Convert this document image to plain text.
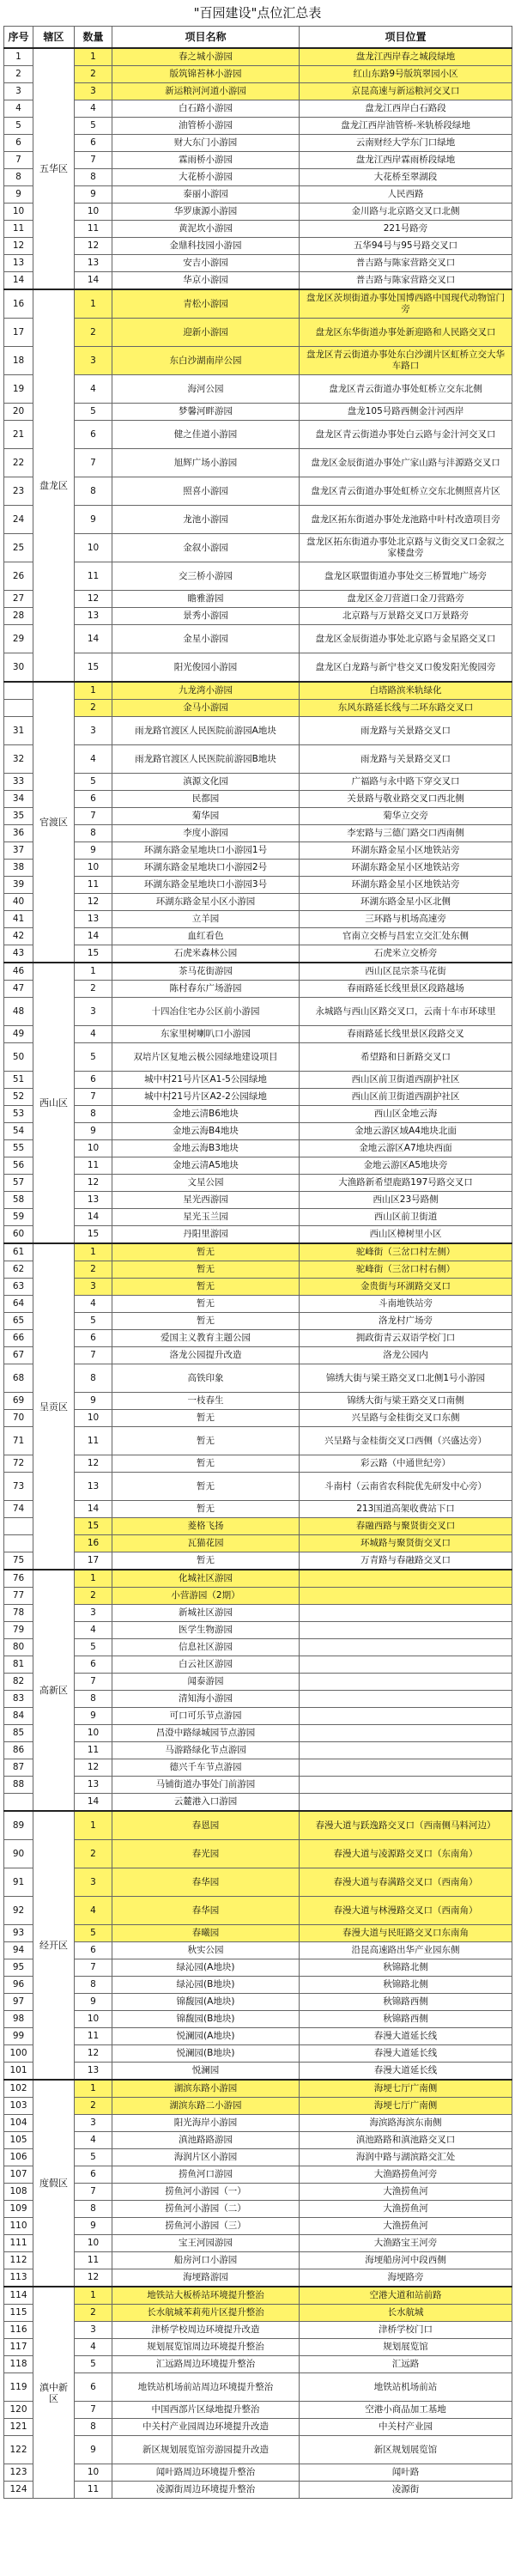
"百园建设"点位汇总表
序号	辖区	数量	项目名称	项目位置
1	五华区	1	春之城小游园	盘龙江西岸春之城段绿地
2		2	版筑锦苔林小游园	红山东路9号版筑翠园小区
3		3	新运粮河河道小游园	京昆高速与新运粮河交叉口
4		4	白石路小游园	盘龙江西岸白石路段
5		5	油管桥小游园	盘龙江西岸油管桥-米轨桥段绿地
6		6	财大东门小游园	云南财经大学东门口绿地
7		7	霖雨桥小游园	盘龙江西岸霖雨桥段绿地
8		8	大花桥小游园	大花桥至翠湖段
9		9	泰丽小游园	人民西路
10		10	华罗康源小游园	金川路与北京路交叉口北侧
11		11	黄泥坎小游园	221号路旁
12		12	金鼎科技园小游园	五华94号与95号路交叉口
13		13	安吉小游园	普吉路与陈家营路交叉口
14		14	华京小游园	普吉路与陈家营路交叉口
16	盘龙区	1	青松小游园	盘龙区茨坝街道办事处国博西路中国现代动物馆门旁
17		2	迎新小游园	盘龙区东华街道办事处新迎路和人民路交叉口
18		3	东白沙湖南岸公园	盘龙区青云街道办事处东白沙湖片区虹桥立交大华车路口
19		4	海河公园	盘龙区青云街道办事处虹桥立交东北侧
20		5	梦馨河畔游园	盘龙105号路西侧金汁河西岸
21		6	健之佳道小游园	盘龙区青云街道办事处白云路与金汁河交叉口
22		7	旭辉广场小游园	盘龙区金辰街道办事处广家山路与沣源路交叉口
23		8	照喜小游园	盘龙区青云街道办事处虹桥立交东北侧照喜片区
24		9	龙池小游园	盘龙区拓东街道办事处龙池路中叶村改造项目旁
25		10	金叙小游园	盘龙区拓东街道办事处北京路与义街交叉口金叙之家楼盘旁
26		11	交三桥小游园	盘龙区联盟街道办事处交三桥置地广场旁
27		12	瞻雅游园	盘龙区金刀营道口金刀营路旁
28		13	景秀小游园	北京路与万景路交叉口万景路旁
29		14	金星小游园	盘龙区金辰街道办事处北京路与金星路交叉口
30		15	阳光俊园小游园	盘龙区白龙路与新宁巷交叉口俊发阳光俊园旁
	官渡区	1	九龙湾小游园	白塔路滨米轨绿化
		2	金马小游园	东风东路延长线与二环东路交叉口
31		3	雨龙路官渡区人民医院前游园A地块	雨龙路与关景路交叉口
32		4	雨龙路官渡区人民医院前游园B地块	雨龙路与关景路交叉口
33		5	滇源文化园	广福路与永中路下穿交叉口
34		6	民都园	关景路与敬业路交叉口西北侧
35		7	菊华园	菊华立交旁
36		8	李度小游园	李宏路与三德门路交口西南侧
37		9	环湖东路金星地块口小游园1号	环湖东路金星小区地铁站旁
38		10	环湖东路金星地块口小游园2号	环湖东路金星小区地铁站旁
39		11	环湖东路金星地块口小游园3号	环湖东路金星小区地铁站旁
40		12	环湖东路金星小区小游园	环湖东路金星小区北侧
41		13	立羊园	三环路与机场高速旁
42		14	血红看色	官南立交桥与昌宏立交汇处东侧
43		15	石虎米森林公园	石虎米立交桥旁
46	西山区	1	茶马花街游园	西山区昆宗茶马花街
47		2	陈村春东广场游园	春雨路延长线里景区段路越场
48		3	十四冶住宅办公区前小游园	永城路与西山区路交叉口，云南十车市环球里
49		4	东家里树喇叭口小游园	春雨路延长线里景区段路交叉
50		5	双培片区复地云极公园绿地建设项目	希望路和日新路交叉口
51		6	城中村21号片区A1-5公园绿地	西山区前卫街道西副护社区
52		7	城中村21号片区A2-2公园绿地	西山区前卫街道西副护社区
53		8	金地云清B6地块	西山区金地云海
54		9	金地云海B4地块	金地云游区域A4地块北面
55		10	金地云海B3地块	金地云游区A7地块西面
56		11	金地云清A5地块	金地云游区A5地块旁
57		12	文星公园	大渔路新希望鹿路197号路交叉口
58		13	星光西游园	西山区23号路侧
59		14	星光玉兰园	西山区前卫街道
60		15	丹阳里游园	西山区樟树里小区
61	呈贡区	1	暂无	驼峰街（三岔口村左侧）
62		2	暂无	驼峰街（三岔口村右侧）
63		3	暂无	金贵街与环湖路交叉口
64		4	暂无	斗南地铁站旁
65		5	暂无	洛龙村广场旁
66		6	爱国主义教育主题公园	拥政街青云双语学校门口
67		7	洛龙公园提升改造	洛龙公园内
68		8	高铁印象	锦绣大街与梁王路交叉口北侧1号小游园
69		9	一枝春生	锦绣大街与梁王路交叉口南侧
70		10	暂无	兴呈路与金桂街交叉口东侧
71		11	暂无	兴呈路与金桂街交叉口西侧（兴盛达旁）
72		12	暂无	彩云路（中通世纪旁）
73		13	暂无	斗南村（云南省农科院优先研发中心旁）
74		14	暂无	213国道高架收费站下口
		15	菱格飞扬	春融西路与聚贤街交叉口
		16	瓦猫花园	环城路与聚贤街交叉口
75		17	暂无	万青路与春融路交叉口
76	高新区	1	化城社区游园	
77		2	小营游园（2期）	
78		3	新城社区游园	
79		4	医学生物游园	
80		5	信息社区游园	
81		6	白云社区游园	
82		7	闻泰游园	
83		8	清知海小游园	
84		9	可口可乐节点游园	
85		10	昌澄中路绿城园节点游园	
86		11	马游路绿化节点游园	
87		12	德兴千车节点游园	
88		13	马铺街道办事处门前游园	
		14	云麓港入口游园	
89	经开区	1	春恩园	春漫大道与跃逸路交叉口（西南侧马料河边）
90		2	春光园	春漫大道与凌源路交叉口（东南角）
91		3	春华园	春漫大道与春满路交叉口（西南角）
92		4	春华园	春漫大道与林漫路交叉口（西南角）
93		5	春曦园	春漫大道与民旺路交叉口东南角
94		6	秋实公园	沿昆高速路出华产业园东侧
95		7	绿沁园(A地块)	秋锦路北侧
96		8	绿沁园(B地块)	秋锦路北侧
97		9	锦馥园(A地块)	秋锦路西侧
98		10	锦馥园(B地块)	秋锦路西侧
99		11	悦澜园(A地块)	春漫大道延长线
100		12	悦澜园(B地块)	春漫大道延长线
101		13	悦澜园	春漫大道延长线
102	度假区	1	湖滨东路小游园	海埂七厅广南侧
103		2	湖滨东路二小游园	海埂七厅广南侧
104		3	阳光海岸小游园	海滨路海滨东南侧
105		4	滇池路路游园	滇池路路和滇池路交叉口
106		5	海润片区小游园	海润中路与湖滨路交汇处
107		6	捞鱼河口游园	大渔路捞鱼河旁
108		7	捞鱼河小游园（一）	大渔捞鱼河
109		8	捞鱼河小游园（二）	大渔捞鱼河
110		9	捞鱼河小游园（三）	大渔捞鱼河
111		10	宝王河园游园	大渔路宝王河旁
112		11	船房河口小游园	海埂船房河中段西侧
113		12	海埂路游园	海埂路旁
114	滇中新区	1	地铁站大板桥站环境提升整治	空港大道和站前路
115		2	长水航城苯莉苑片区提升整治	长水航城
116		3	津桥学校周边环境提升改造	津桥学校门口
117		4	规划展览馆周边环境提升整治	规划展览馆
118		5	汇远路周边环境提升整治	汇远路
119		6	地铁站机场前站周边环境提升整治	地铁站机场前站
120		7	中国西部片区绿地提升整治	空港小商品加工基地
121		8	中关村产业园周边环境提升改造	中关村产业园
122		9	新区规划展览馆旁游园提升改造	新区规划展览馆
123		10	闻叶路周边环境提升整治	闻叶路
124		11	凌源街周边环境提升整治	凌源街
